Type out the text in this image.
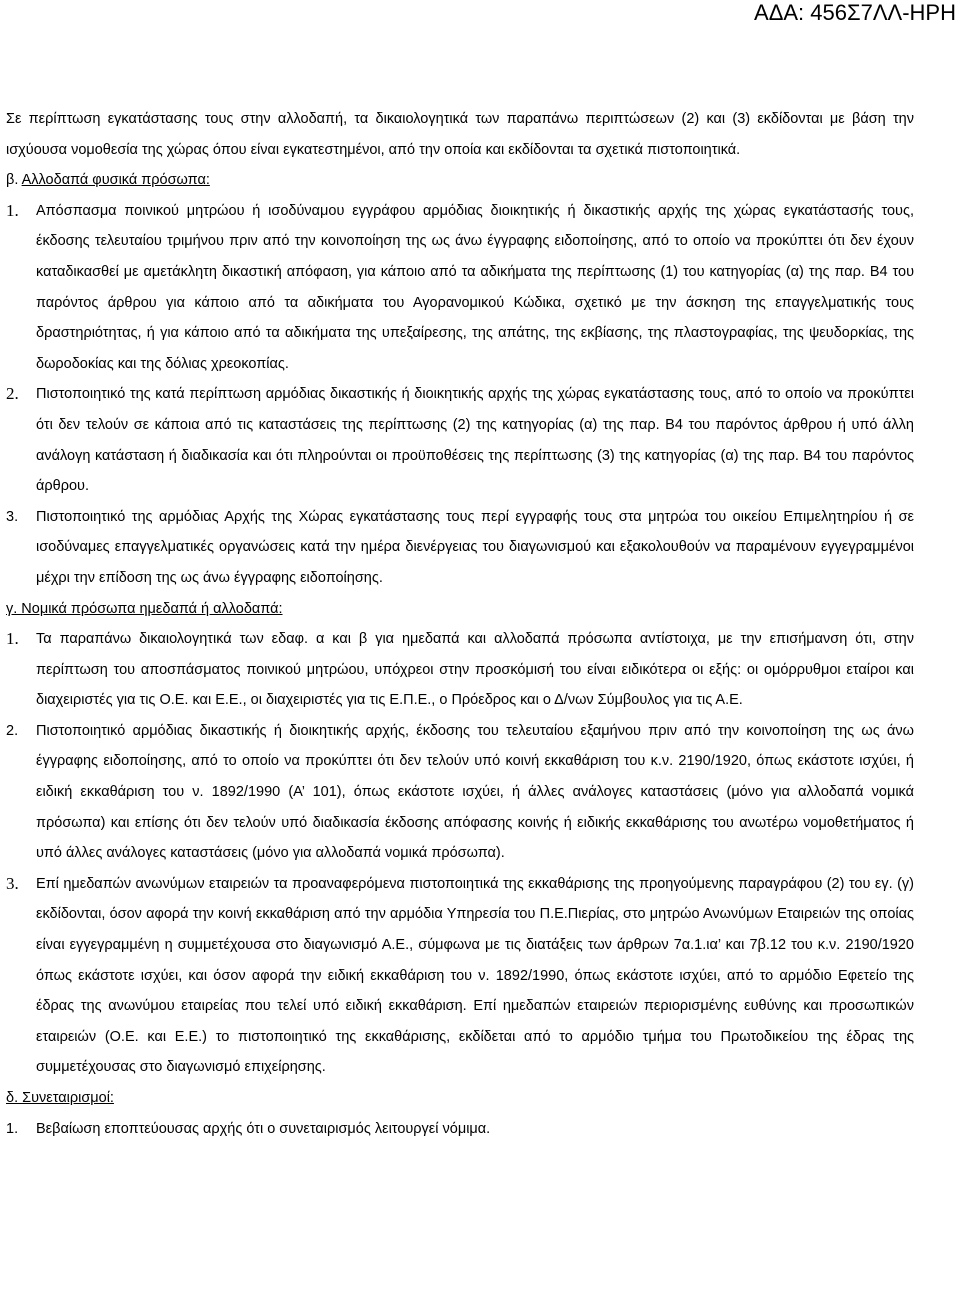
ΑΔΑ: 456Σ7ΛΛ-ΗΡΗ

Σε περίπτωση εγκατάστασης τους στην αλλοδαπή, τα δικαιολογητικά των παραπάνω περιπτώσεων (2) και (3) εκδίδονται με βάση την ισχύουσα νομοθεσία της χώρας όπου είναι εγκατεστημένοι, από την οποία και εκδίδονται τα σχετικά πιστοποιητικά.

β. Αλλοδαπά φυσικά πρόσωπα:

1. Απόσπασμα ποινικού μητρώου ή ισοδύναμου εγγράφου αρμόδιας διοικητικής ή δικαστικής αρχής της χώρας εγκατάστασής τους, έκδοσης τελευταίου τριμήνου πριν από την κοινοποίηση της ως άνω έγγραφης ειδοποίησης, από το οποίο να προκύπτει ότι δεν έχουν καταδικασθεί με αμετάκλητη δικαστική απόφαση, για κάποιο από τα αδικήματα της περίπτωσης (1) του κατηγορίας (α) της παρ. Β4 του παρόντος άρθρου για κάποιο από τα αδικήματα του Αγορανομικού Κώδικα, σχετικό με την άσκηση της επαγγελματικής τους δραστηριότητας, ή για κάποιο από τα αδικήματα της υπεξαίρεσης, της απάτης, της εκβίασης, της πλαστογραφίας, της ψευδορκίας, της δωροδοκίας και της δόλιας χρεοκοπίας.
2. Πιστοποιητικό της κατά περίπτωση αρμόδιας δικαστικής ή διοικητικής αρχής της χώρας εγκατάστασης τους, από το οποίο να προκύπτει ότι δεν τελούν σε κάποια από τις καταστάσεις της περίπτωσης (2) της κατηγορίας (α) της παρ. Β4 του παρόντος άρθρου ή υπό άλλη ανάλογη κατάσταση ή διαδικασία και ότι πληρούνται οι προϋποθέσεις της περίπτωσης (3) της κατηγορίας (α) της παρ. Β4 του παρόντος άρθρου.
3. Πιστοποιητικό της αρμόδιας Αρχής της Χώρας εγκατάστασης τους περί εγγραφής τους στα μητρώα του οικείου Επιμελητηρίου ή σε ισοδύναμες επαγγελματικές οργανώσεις κατά την ημέρα διενέργειας του διαγωνισμού και εξακολουθούν να παραμένουν εγγεγραμμένοι μέχρι την επίδοση της ως άνω έγγραφης ειδοποίησης.

γ. Νομικά πρόσωπα ημεδαπά ή αλλοδαπά:

1. Τα παραπάνω δικαιολογητικά των εδαφ. α και β για ημεδαπά και αλλοδαπά πρόσωπα αντίστοιχα, με την επισήμανση ότι, στην περίπτωση του αποσπάσματος ποινικού μητρώου, υπόχρεοι στην προσκόμισή του είναι ειδικότερα οι εξής: οι ομόρρυθμοι εταίροι και διαχειριστές για τις Ο.Ε. και Ε.Ε., οι διαχειριστές για τις Ε.Π.Ε., ο Πρόεδρος και ο Δ/νων Σύμβουλος για τις Α.Ε.
2. Πιστοποιητικό αρμόδιας δικαστικής ή διοικητικής αρχής, έκδοσης του τελευταίου εξαμήνου πριν από την κοινοποίηση της ως άνω έγγραφης ειδοποίησης, από το οποίο να προκύπτει ότι δεν τελούν υπό κοινή εκκαθάριση του κ.ν. 2190/1920, όπως εκάστοτε ισχύει, ή ειδική εκκαθάριση του ν. 1892/1990 (Α’ 101), όπως εκάστοτε ισχύει, ή άλλες ανάλογες καταστάσεις (μόνο για αλλοδαπά νομικά πρόσωπα) και επίσης ότι δεν τελούν υπό διαδικασία έκδοσης απόφασης κοινής ή ειδικής εκκαθάρισης του ανωτέρω νομοθετήματος ή υπό άλλες ανάλογες καταστάσεις (μόνο για αλλοδαπά νομικά πρόσωπα).
3. Επί ημεδαπών ανωνύμων εταιρειών τα προαναφερόμενα πιστοποιητικά της εκκαθάρισης της προηγούμενης παραγράφου (2) του εγ. (γ) εκδίδονται, όσον αφορά την κοινή εκκαθάριση από την αρμόδια Υπηρεσία του Π.Ε.Πιερίας, στο μητρώο Ανωνύμων Εταιρειών της οποίας είναι εγγεγραμμένη η συμμετέχουσα στο διαγωνισμό Α.Ε., σύμφωνα με τις διατάξεις των άρθρων 7α.1.ια’ και 7β.12 του κ.ν. 2190/1920 όπως εκάστοτε ισχύει, και όσον αφορά την ειδική εκκαθάριση του ν. 1892/1990, όπως εκάστοτε ισχύει, από το αρμόδιο Εφετείο της έδρας της ανωνύμου εταιρείας που τελεί υπό ειδική εκκαθάριση. Επί ημεδαπών εταιρειών περιορισμένης ευθύνης και προσωπικών εταιρειών (Ο.Ε. και Ε.Ε.) το πιστοποιητικό της εκκαθάρισης, εκδίδεται από το αρμόδιο τμήμα του Πρωτοδικείου της έδρας της συμμετέχουσας στο διαγωνισμό επιχείρησης.

δ. Συνεταιρισμοί:

1. Βεβαίωση εποπτεύουσας αρχής ότι ο συνεταιρισμός λειτουργεί νόμιμα.
